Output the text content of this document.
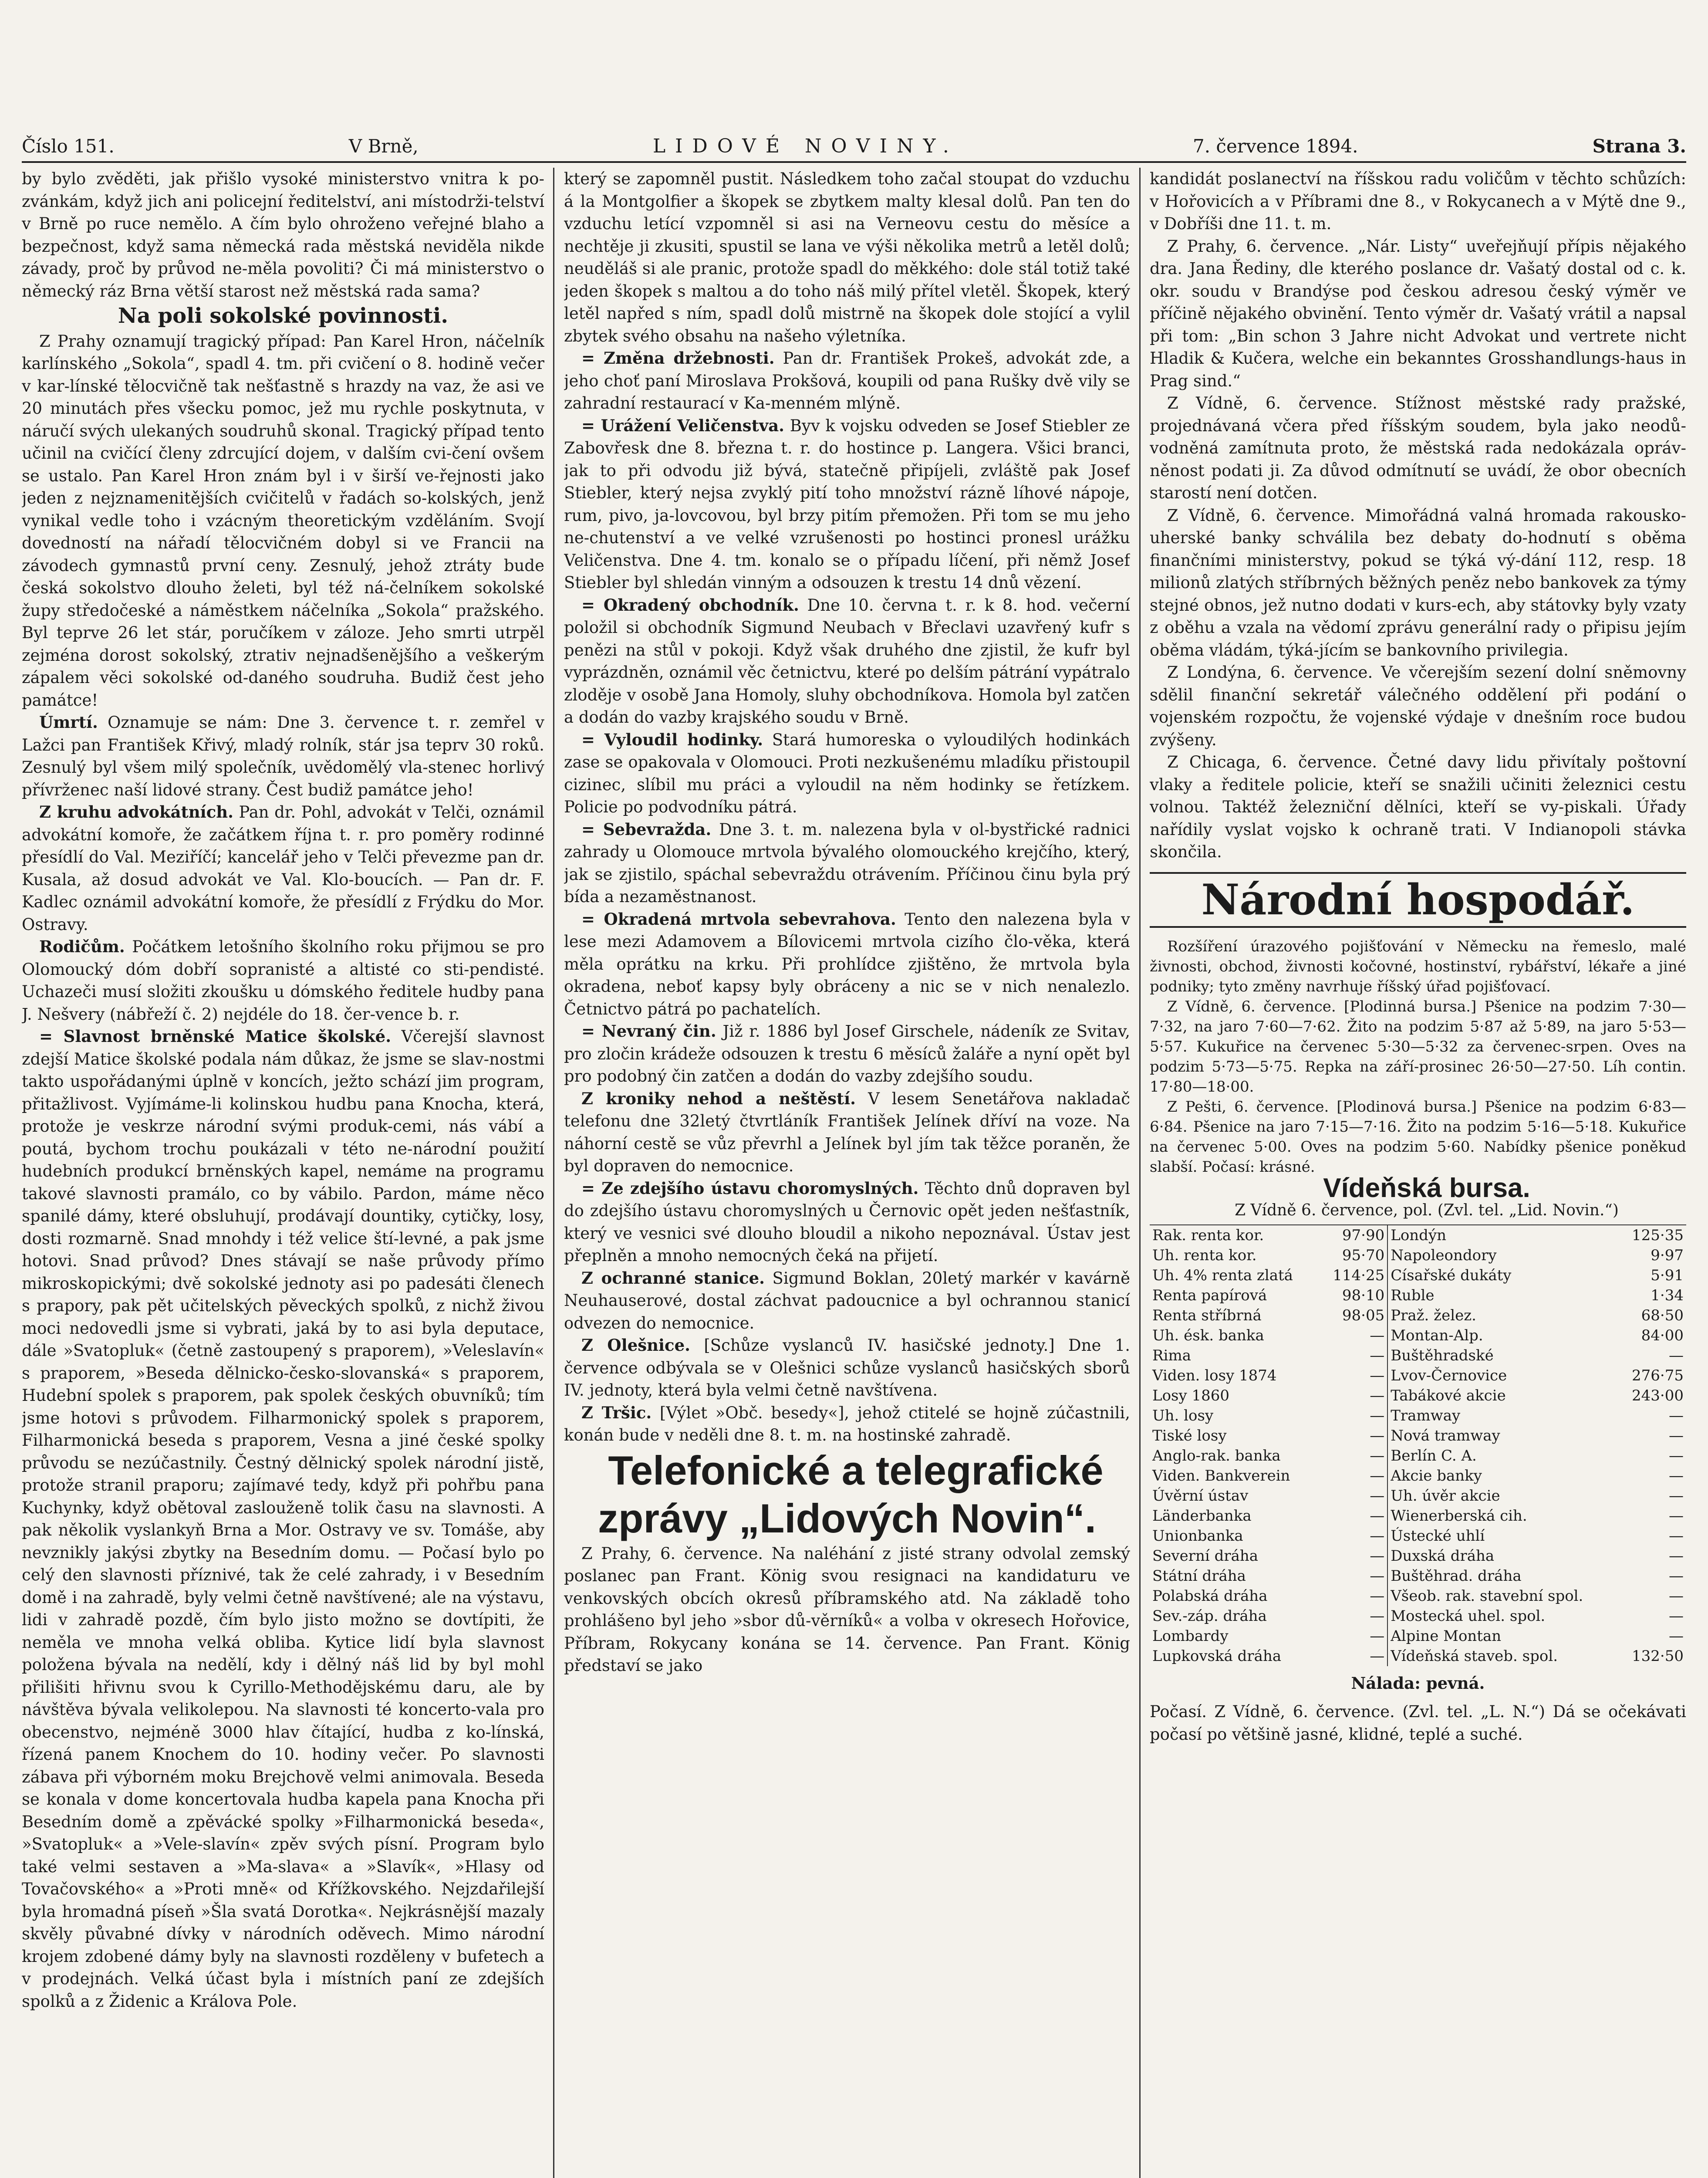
Číslo 151.	V Brně,	LIDOVÉ NOVINY.	7. července 1894.	Strana 3.

by bylo zvěděti, jak přišlo vysoké ministerstvo vnitra k po-zvánkám, když jich ani policejní ředitelství, ani místodrži-telství v Brně po ruce nemělo. A čím bylo ohroženo veřejné blaho a bezpečnost, když sama německá rada městská neviděla nikde závady, proč by průvod ne-měla povoliti? Či má ministerstvo o německý ráz Brna větší starost než městská rada sama?

Na poli sokolské povinnosti.

Z Prahy oznamují tragický případ: Pan Karel Hron, náčelník karlínského „Sokola“, spadl 4. tm. při cvičení o 8. hodině večer v kar-línské tělocvičně tak nešťastně s hrazdy na vaz, že asi ve 20 minutách přes všecku pomoc, jež mu rychle poskytnuta, v náručí svých ulekaných soudruhů skonal. Tragický případ tento učinil na cvičící členy zdrcující dojem, v dalším cvi-čení ovšem se ustalo. Pan Karel Hron znám byl i v širší ve-řejnosti jako jeden z nejznamenitějších cvičitelů v řadách so-kolských, jenž vynikal vedle toho i vzácným theoretickým vzděláním. Svojí dovedností na nářadí tělocvičném dobyl si ve Francii na závodech gymnastů první ceny. Zesnulý, jehož ztráty bude česká sokolstvo dlouho želeti, byl též ná-čelníkem sokolské župy středočeské a náměstkem náčelníka „Sokola“ pražského. Byl teprve 26 let stár, poručíkem v záloze. Jeho smrti utrpěl zejména dorost sokolský, ztrativ nejnadšenějšího a veškerým zápalem věci sokolské od-daného soudruha. Budiž čest jeho památce!

Úmrtí. Oznamuje se nám: Dne 3. července t. r. zemřel v Lažci pan František Křivý, mladý rolník, stár jsa teprv 30 roků. Zesnulý byl všem milý společník, uvědomělý vla-stenec horlivý přívrženec naší lidové strany. Čest budiž památce jeho!

Z kruhu advokátních. Pan dr. Pohl, advokát v Telči, oznámil advokátní komoře, že začátkem října t. r. pro poměry rodinné přesídlí do Val. Meziříčí; kancelář jeho v Telči převezme pan dr. Kusala, až dosud advokát ve Val. Klo-boucích. — Pan dr. F. Kadlec oznámil advokátní komoře, že přesídlí z Frýdku do Mor. Ostravy.

Rodičům. Počátkem letošního školního roku přijmou se pro Olomoucký dóm dobří sopranisté a altisté co sti-pendisté. Uchazeči musí složiti zkoušku u dómského ředitele hudby pana J. Nešvery (nábřeží č. 2) nejdéle do 18. čer-vence b. r.

= Slavnost brněnské Matice školské. Včerejší slavnost zdejší Matice školské podala nám důkaz, že jsme se slav-nostmi takto uspořádanými úplně v koncích, ježto schází jim program, přitažlivost. Vyjímáme-li kolinskou hudbu pana Knocha, která, protože je veskrze národní svými produk-cemi, nás vábí a poutá, bychom trochu poukázali v této ne-národní použití hudebních produkcí brněnských kapel, nemáme na programu takové slavnosti pramálo, co by vábilo. Pardon, máme něco spanilé dámy, které obsluhují, prodávají dountiky, cytičky, losy, dosti rozmarně. Snad mnohdy i též velice ští-levné, a pak jsme hotovi. Snad průvod? Dnes stávají se naše průvody přímo mikroskopickými; dvě sokolské jednoty asi po padesáti členech s prapory, pak pět učitelských pěveckých spolků, z nichž živou moci nedovedli jsme si vybrati, jaká by to asi byla deputace, dále »Svatopluk« (četně zastoupený s praporem), »Veleslavín« s praporem, »Beseda dělnicko-česko-slovanská« s praporem, Hudební spolek s praporem, pak spolek českých obuvníků; tím jsme hotovi s průvodem. Filharmonický spolek s praporem, Filharmonická beseda s praporem, Vesna a jiné české spolky průvodu se nezúčastnily. Čestný dělnický spolek národní jistě, protože stranil praporu; zajímavé tedy, když při pohřbu pana Kuchynky, když obětoval zaslouženě tolik času na slavnosti. A pak několik vyslankyň Brna a Mor. Ostravy ve sv. Tomáše, aby nevznikly jakýsi zbytky na Besedním domu. — Počasí bylo po celý den slavnosti příznivé, tak že celé zahrady, i v Besedním domě i na zahradě, byly velmi četně navštívené; ale na výstavu, lidi v zahradě pozdě, čím bylo jisto možno se dovtípiti, že neměla ve mnoha velká obliba. Kytice lidí byla slavnost položena bývala na nedělí, kdy i dělný náš lid by byl mohl přilišiti hřivnu svou k Cyrillo-Methodějskému daru, ale by návštěva bývala velikolepou. Na slavnosti té koncerto-vala pro obecenstvo, nejméně 3000 hlav čítající, hudba z ko-línská, řízená panem Knochem do 10. hodiny večer. Po slavnosti zábava při výborném moku Brejchově velmi animovala. Beseda se konala v dome koncertovala hudba kapela pana Knocha při Besedním domě a zpěvácké spolky »Filharmonická beseda«, »Svatopluk« a »Vele-slavín« zpěv svých písní. Program bylo také velmi sestaven a »Ma-slava« a »Slavík«, »Hlasy od Tovačovského« a »Proti mně« od Křížkovského. Nejzdařilejší byla hromadná píseň »Šla svatá Dorotka«. Nejkrásnější mazaly skvěly půvabné dívky v národních oděvech. Mimo národní krojem zdobené dámy byly na slavnosti rozděleny v bufetech a v prodejnách. Velká účast byla i místních paní ze zdejších spolků a z Židenic a Králova Pole.

který se zapomněl pustit. Následkem toho začal stoupat do vzduchu á la Montgolfier a škopek se zbytkem malty klesal dolů. Pan ten do vzduchu letící vzpomněl si asi na Verneovu cestu do měsíce a nechtěje ji zkusiti, spustil se lana ve výši několika metrů a letěl dolů; neuděláš si ale pranic, protože spadl do měkkého: dole stál totiž také jeden škopek s maltou a do toho náš milý přítel vletěl. Škopek, který letěl napřed s ním, spadl dolů mistrně na škopek dole stojící a vylil zbytek svého obsahu na našeho výletníka.

= Změna držebnosti. Pan dr. František Prokeš, advokát zde, a jeho choť paní Miroslava Prokšová, koupili od pana Rušky dvě vily se zahradní restaurací v Ka-menném mlýně.

= Urážení Veličenstva. Byv k vojsku odveden se Josef Stiebler ze Zabovřesk dne 8. března t. r. do hostince p. Langera. Všici branci, jak to při odvodu již bývá, statečně připíjeli, zvláště pak Josef Stiebler, který nejsa zvyklý pití toho množství rázně líhové nápoje, rum, pivo, ja-lovcovou, byl brzy pitím přemožen. Při tom se mu jeho ne-chutenství a ve velké vzrušenosti po hostinci pronesl urážku Veličenstva. Dne 4. tm. konalo se o případu líčení, při němž Josef Stiebler byl shledán vinným a odsouzen k trestu 14 dnů vězení.

= Okradený obchodník. Dne 10. června t. r. k 8. hod. večerní položil si obchodník Sigmund Neubach v Břeclavi uzavřený kufr s penězi na stůl v pokoji. Když však druhého dne zjistil, že kufr byl vyprázdněn, oznámil věc četnictvu, které po delším pátrání vypátralo zloděje v osobě Jana Homoly, sluhy obchodníkova. Homola byl zatčen a dodán do vazby krajského soudu v Brně.

= Vyloudil hodinky. Stará humoreska o vyloudilých hodinkách zase se opakovala v Olomouci. Proti nezkušenému mladíku přistoupil cizinec, slíbil mu práci a vyloudil na něm hodinky se řetízkem. Policie po podvodníku pátrá.

= Sebevražda. Dne 3. t. m. nalezena byla v ol-bystřické radnici zahrady u Olomouce mrtvola bývalého olomouckého krejčího, který, jak se zjistilo, spáchal sebevraždu otrávením. Příčinou činu byla prý bída a nezaměstnanost.

= Okradená mrtvola sebevrahova. Tento den nalezena byla v lese mezi Adamovem a Bílovicemi mrtvola cizího člo-věka, která měla oprátku na krku. Při prohlídce zjištěno, že mrtvola byla okradena, neboť kapsy byly obráceny a nic se v nich nenalezlo. Četnictvo pátrá po pachatelích.

= Nevraný čin. Již r. 1886 byl Josef Girschele, nádeník ze Svitav, pro zločin krádeže odsouzen k trestu 6 měsíců žaláře a nyní opět byl pro podobný čin zatčen a dodán do vazby zdejšího soudu.

Z kroniky nehod a neštěstí. V lesem Senetářova nakladač telefonu dne 32letý čtvrtláník František Jelínek dříví na voze. Na náhorní cestě se vůz převrhl a Jelínek byl jím tak těžce poraněn, že byl dopraven do nemocnice.

= Ze zdejšího ústavu choromyslných. Těchto dnů dopraven byl do zdejšího ústavu choromyslných u Černovic opět jeden nešťastník, který ve vesnici své dlouho bloudil a nikoho nepoznával. Ústav jest přeplněn a mnoho nemocných čeká na přijetí.

Z ochranné stanice. Sigmund Boklan, 20letý markér v kavárně Neuhauserové, dostal záchvat padoucnice a byl ochrannou stanicí odvezen do nemocnice.

Z Olešnice. [Schůze vyslanců IV. hasičské jednoty.] Dne 1. července odbývala se v Olešnici schůze vyslanců hasičských sborů IV. jednoty, která byla velmi četně navštívena.

Z Tršic. [Výlet »Obč. besedy«], jehož ctitelé se hojně zúčastnili, konán bude v neděli dne 8. t. m. na hostinské zahradě.

Telefonické a telegrafické zprávy „Lidových Novin“.

Z Prahy, 6. července. Na naléhání z jisté strany odvolal zemský poslanec pan Frant. König svou resignaci na kandidaturu ve venkovských obcích okresů příbramského atd. Na základě toho prohlášeno byl jeho »sbor dů-věrníků« a volba v okresech Hořovice, Příbram, Rokycany konána se 14. července. Pan Frant. König představí se jako

kandidát poslanectví na říšskou radu voličům v těchto schůzích: v Hořovicích a v Příbrami dne 8., v Rokycanech a v Mýtě dne 9., v Dobříši dne 11. t. m.

Z Prahy, 6. července. „Nár. Listy“ uveřejňují přípis nějakého dra. Jana Řediny, dle kterého poslance dr. Vašatý dostal od c. k. okr. soudu v Brandýse pod českou adresou český výměr ve příčině nějakého obvinění. Tento výměr dr. Vašatý vrátil a napsal při tom: „Bin schon 3 Jahre nicht Advokat und vertrete nicht Hladik & Kučera, welche ein bekanntes Grosshandlungs-haus in Prag sind.“

Z Vídně, 6. července. Stížnost městské rady pražské, projednávaná včera před říšským soudem, byla jako neodů-vodněná zamítnuta proto, že městská rada nedokázala opráv-něnost podati ji. Za důvod odmítnutí se uvádí, že obor obecních starostí není dotčen.

Z Vídně, 6. července. Mimořádná valná hromada rakousko-uherské banky schválila bez debaty do-hodnutí s oběma finančními ministerstvy, pokud se týká vý-dání 112, resp. 18 milionů zlatých stříbrných běžných peněz nebo bankovek za týmy stejné obnos, jež nutno dodati v kurs-ech, aby státovky byly vzaty z oběhu a vzala na vědomí zprávu generální rady o připisu jejím oběma vládám, týká-jícím se bankovního privilegia.

Z Londýna, 6. července. Ve včerejším sezení dolní sněmovny sdělil finanční sekretář válečného oddělení při podání o vojenském rozpočtu, že vojenské výdaje v dnešním roce budou zvýšeny.

Z Chicaga, 6. července. Četné davy lidu přivítaly poštovní vlaky a ředitele policie, kteří se snažili učiniti železnici cestu volnou. Taktéž železniční dělníci, kteří se vy-piskali. Úřady nařídily vyslat vojsko k ochraně trati. V Indianopoli stávka skončila.

Národní hospodář.

Rozšíření úrazového pojišťování v Německu na řemeslo, malé živnosti, obchod, živnosti kočovné, hostinství, rybářství, lékaře a jiné podniky; tyto změny navrhuje říšský úřad pojišťovací.

Z Vídně, 6. července. [Plodinná bursa.] Pšenice na podzim 7·30—7·32, na jaro 7·60—7·62. Žito na podzim 5·87 až 5·89, na jaro 5·53—5·57. Kukuřice na červenec 5·30—5·32 za červenec-srpen. Oves na podzim 5·73—5·75. Repka na září-prosinec 26·50—27·50. Líh contin. 17·80—18·00.

Z Pešti, 6. července. [Plodinová bursa.] Pšenice na podzim 6·83—6·84. Pšenice na jaro 7·15—7·16. Žito na podzim 5·16—5·18. Kukuřice na červenec 5·00. Oves na podzim 5·60. Nabídky pšenice poněkud slabší. Počasí: krásné.

Vídeňská bursa.

Z Vídně 6. července, pol. (Zvl. tel. „Lid. Novin.“)

Rak. renta kor.	97·90	Londýn	125·35
Uh. renta kor.	95·70	Napoleondory	9·97
Uh. 4% renta zlatá	114·25	Císařské dukáty	5·91
Renta papírová	98·10	Ruble	1·34
Renta stříbrná	98·05	Praž. želez.	68·50
Uh. ésk. banka	—	Montan-Alp.	84·00
Rima	—	Buštěhradské	—
Viden. losy 1874	—	Lvov-Černovice	276·75
Losy 1860	—	Tabákové akcie	243·00
Uh. losy	—	Tramway	—
Tiské losy	—	Nová tramway	—
Anglo-rak. banka	—	Berlín C. A.	—
Viden. Bankverein	—	Akcie banky	—
Úvěrní ústav	—	Uh. úvěr akcie	—
Länderbanka	—	Wienerberská cih.	—
Unionbanka	—	Ústecké uhlí	—
Severní dráha	—	Duxská dráha	—
Státní dráha	—	Buštěhrad. dráha	—
Polabská dráha	—	Všeob. rak. stavební spol.	—
Sev.-záp. dráha	—	Mostecká uhel. spol.	—
Lombardy	—	Alpine Montan	—
Lupkovská dráha	—	Vídeňská staveb. spol.	132·50

Nálada: pevná.

Počasí. Z Vídně, 6. července. (Zvl. tel. „L. N.“) Dá se očekávati počasí po většině jasné, klidné, teplé a suché.
